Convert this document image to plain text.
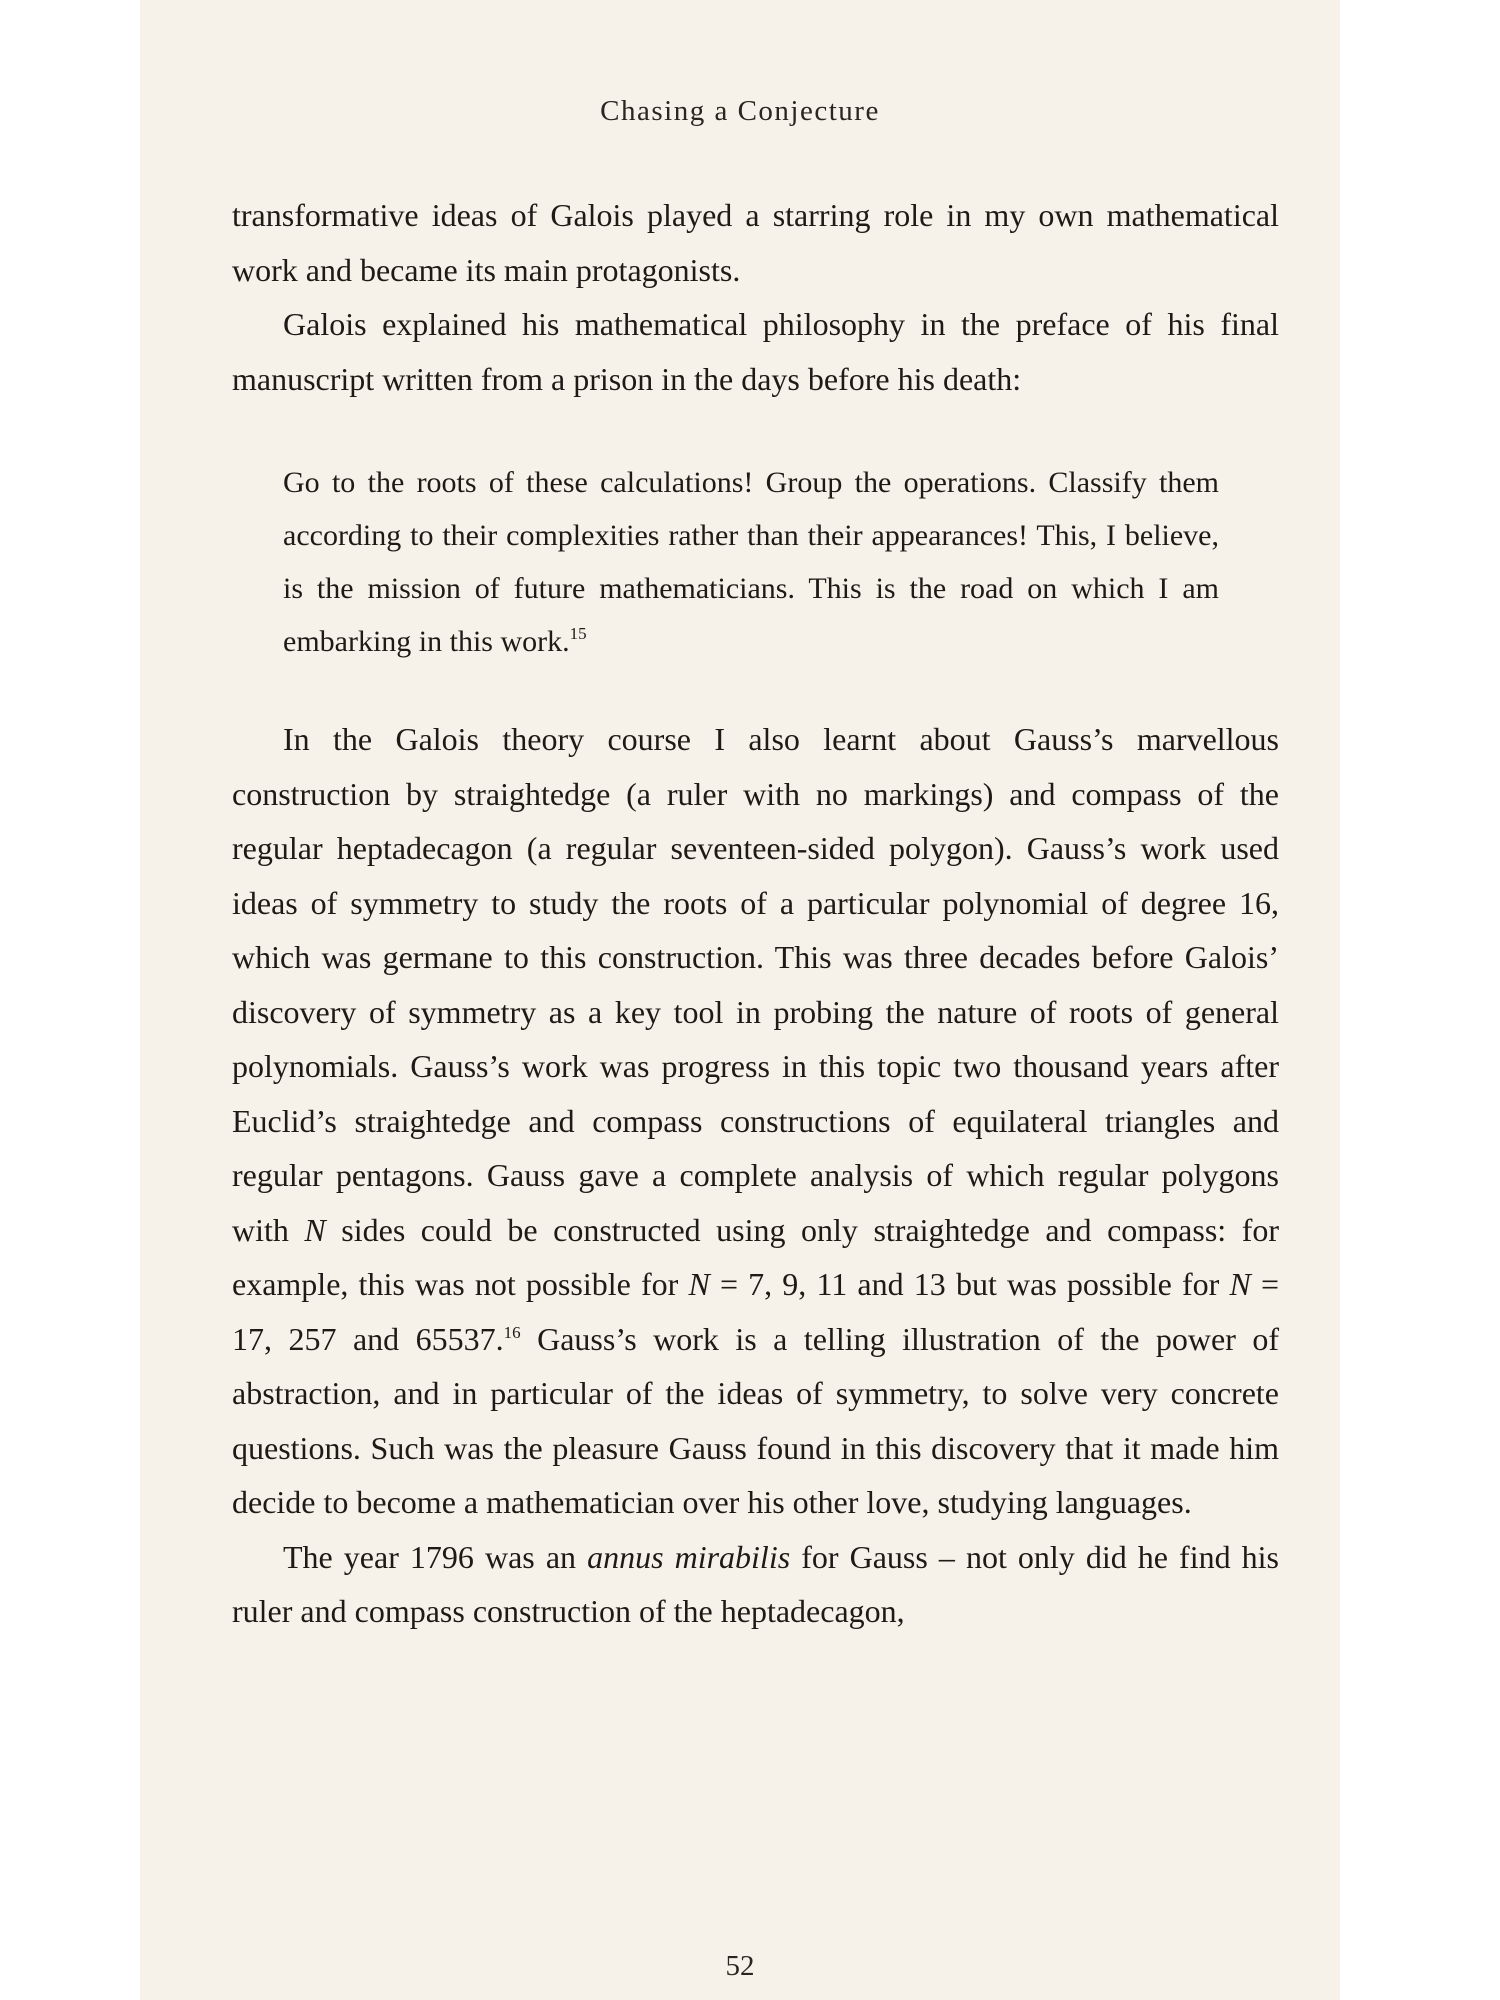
Chasing a Conjecture

transformative ideas of Galois played a starring role in my own mathematical work and became its main protagonists.

Galois explained his mathematical philosophy in the preface of his final manuscript written from a prison in the days before his death:

Go to the roots of these calculations! Group the operations. Classify them according to their complexities rather than their appearances! This, I believe, is the mission of future mathematicians. This is the road on which I am embarking in this work.$^{15}$

In the Galois theory course I also learnt about Gauss’s marvellous construction by straightedge (a ruler with no markings) and compass of the regular heptadecagon (a regular seventeen-sided polygon). Gauss’s work used ideas of symmetry to study the roots of a particular polynomial of degree 16, which was germane to this construction. This was three decades before Galois’ discovery of symmetry as a key tool in probing the nature of roots of general polynomials. Gauss’s work was progress in this topic two thousand years after Euclid’s straightedge and compass constructions of equilateral triangles and regular pentagons. Gauss gave a complete analysis of which regular polygons with N sides could be constructed using only straightedge and compass: for example, this was not possible for N = 7, 9, 11 and 13 but was possible for N = 17, 257 and 65537.16 Gauss’s work is a telling illustration of the power of abstraction, and in particular of the ideas of symmetry, to solve very concrete questions. Such was the pleasure Gauss found in this discovery that it made him decide to become a mathematician over his other love, studying languages.

The year 1796 was an annus mirabilis for Gauss – not only did he find his ruler and compass construction of the heptadecagon,

52
